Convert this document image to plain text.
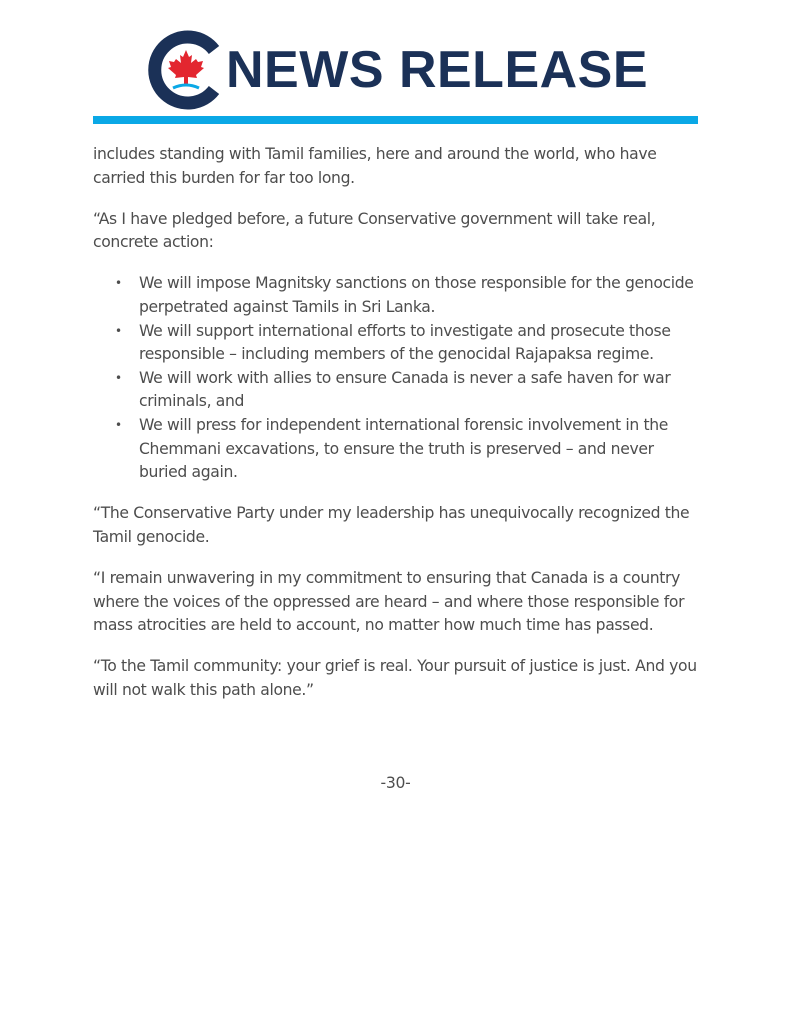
NEWS RELEASE

includes standing with Tamil families, here and around the world, who have carried this burden for far too long.

“As I have pledged before, a future Conservative government will take real, concrete action:

• We will impose Magnitsky sanctions on those responsible for the genocide perpetrated against Tamils in Sri Lanka.
• We will support international efforts to investigate and prosecute those responsible – including members of the genocidal Rajapaksa regime.
• We will work with allies to ensure Canada is never a safe haven for war criminals, and
• We will press for independent international forensic involvement in the Chemmani excavations, to ensure the truth is preserved – and never buried again.

“The Conservative Party under my leadership has unequivocally recognized the Tamil genocide.

“I remain unwavering in my commitment to ensuring that Canada is a country where the voices of the oppressed are heard – and where those responsible for mass atrocities are held to account, no matter how much time has passed.

“To the Tamil community: your grief is real. Your pursuit of justice is just. And you will not walk this path alone.”

-30-
